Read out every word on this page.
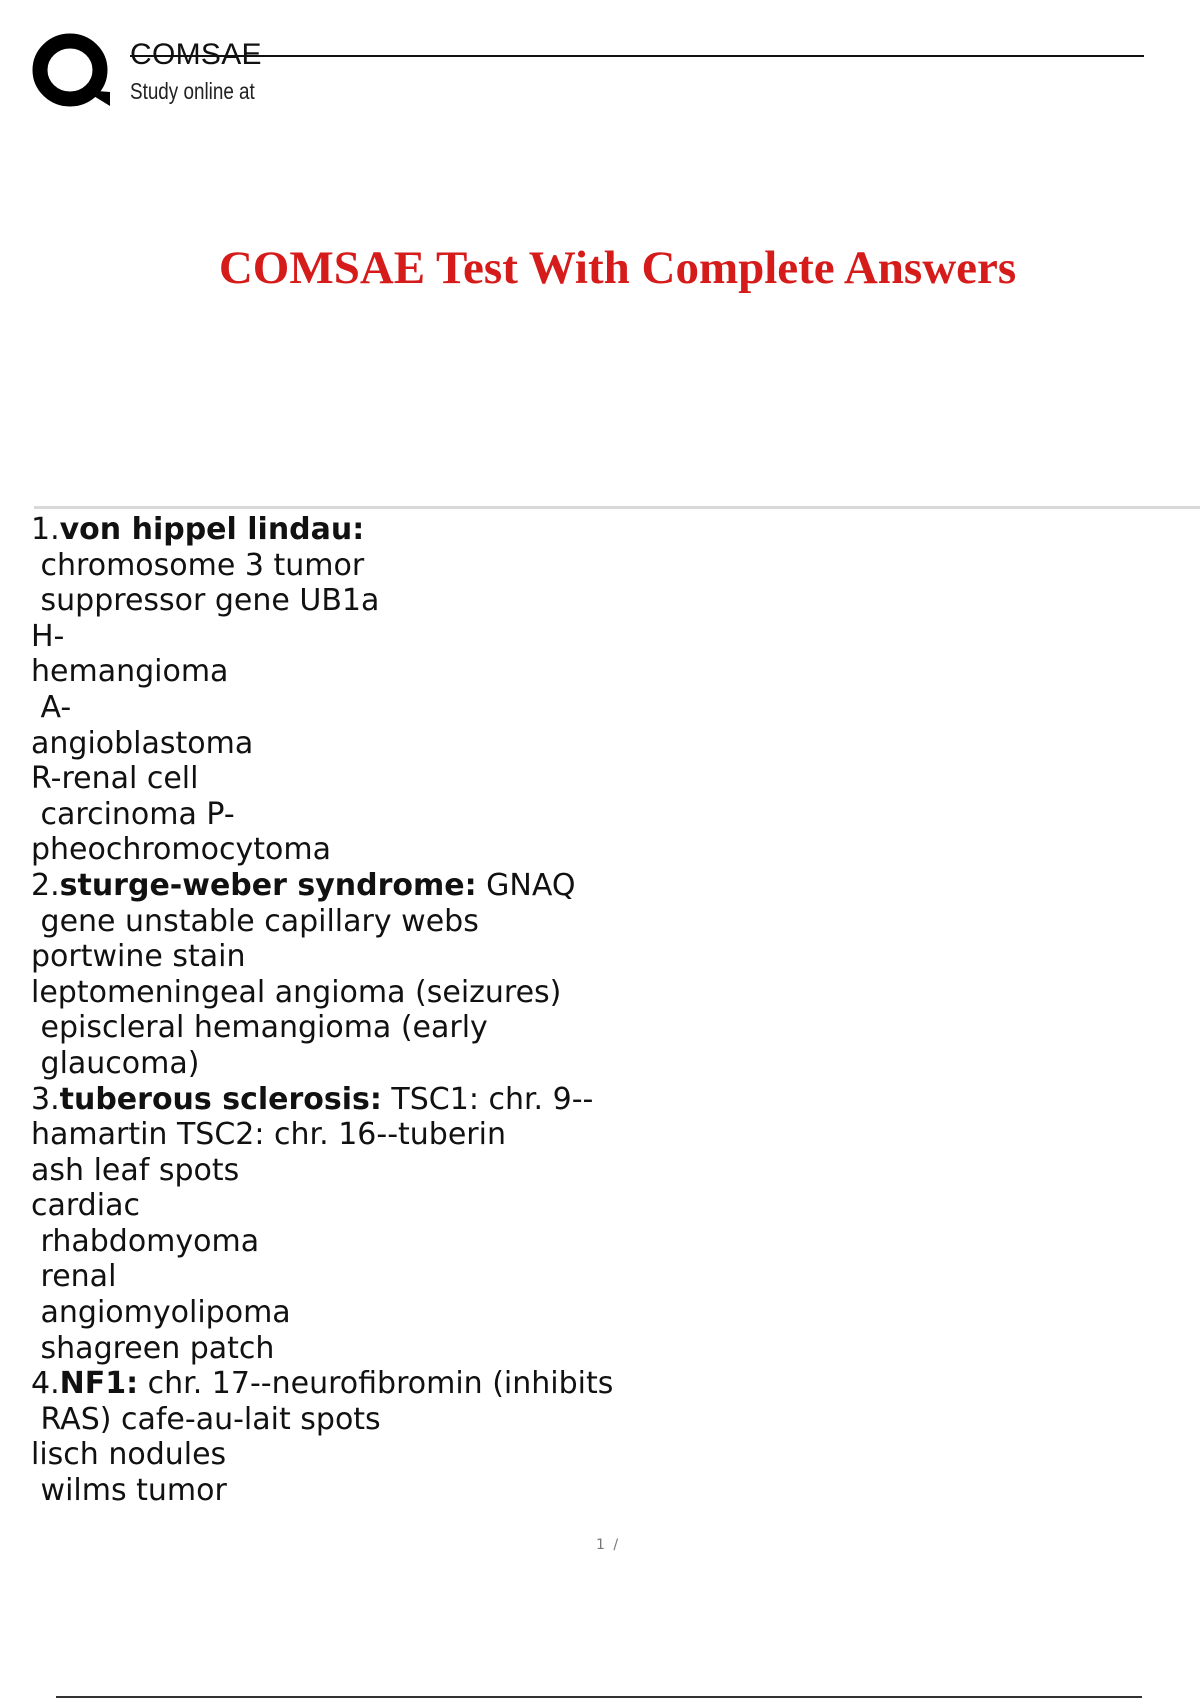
COMSAE
Study online at
COMSAE Test With Complete Answers
1.von hippel lindau:
chromosome 3 tumor
suppressor gene UB1a
H-
hemangioma
A-
angioblastoma
R-renal cell
carcinoma P-
pheochromocytoma
2.sturge-weber syndrome: GNAQ
gene unstable capillary webs
portwine stain
leptomeningeal angioma (seizures)
episcleral hemangioma (early
glaucoma)
3.tuberous sclerosis: TSC1: chr. 9--
hamartin TSC2: chr. 16--tuberin
ash leaf spots
cardiac
rhabdomyoma
renal
angiomyolipoma
shagreen patch
4.NF1: chr. 17--neurofibromin (inhibits
RAS) cafe-au-lait spots
lisch nodules
wilms tumor
1 /
